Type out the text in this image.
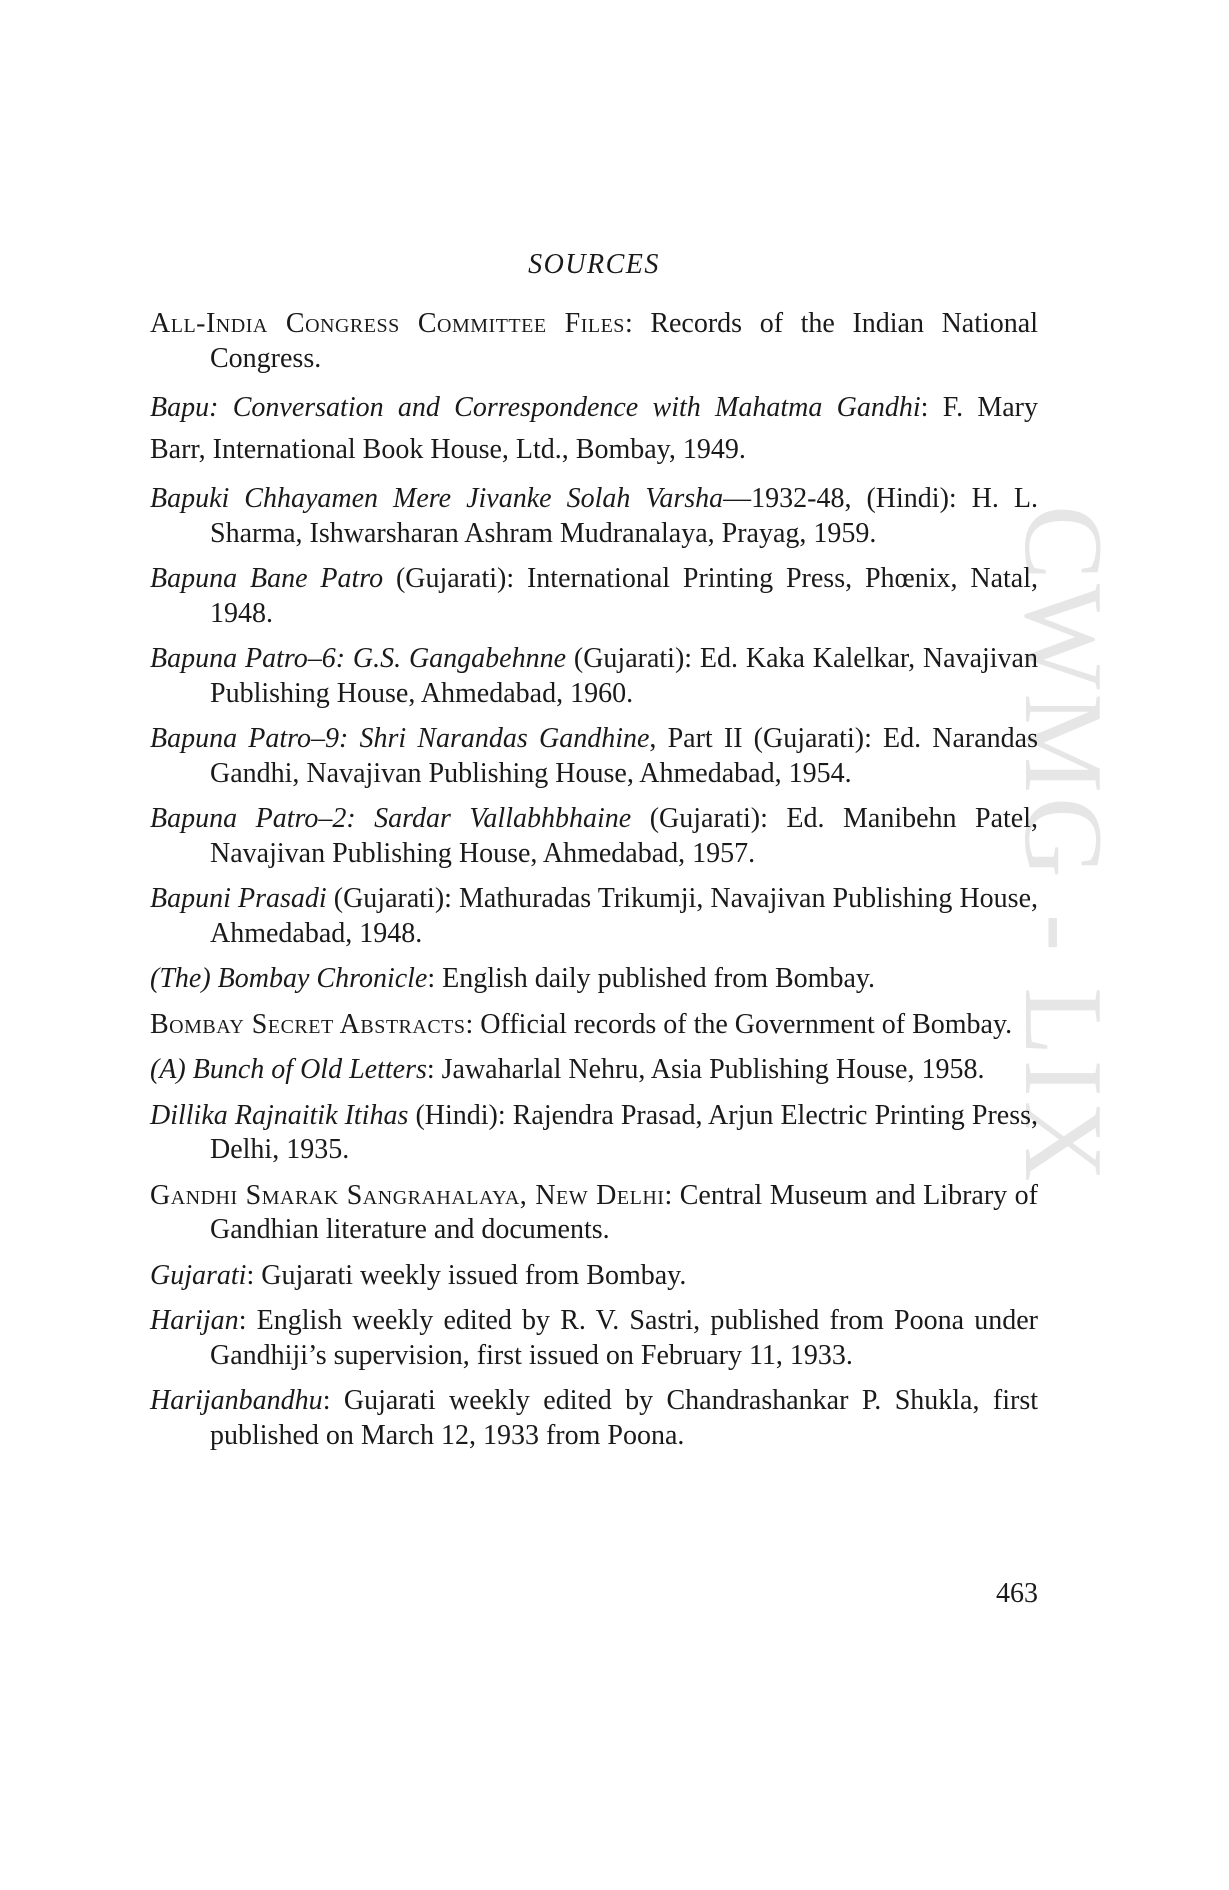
CWMG - LIX
SOURCES

All-India Congress Committee Files: Records of the Indian National Congress.

Bapu: Conversation and Correspondence with Mahatma Gandhi: F. Mary Barr, International Book House, Ltd., Bombay, 1949.

Bapuki Chhayamen Mere Jivanke Solah Varsha—1932-48, (Hindi): H. L. Sharma, Ishwarsharan Ashram Mudranalaya, Prayag, 1959.

Bapuna Bane Patro (Gujarati): International Printing Press, Phœnix, Natal, 1948.

Bapuna Patro–6: G.S. Gangabehnne (Gujarati): Ed. Kaka Kalelkar, Navajivan Publishing House, Ahmedabad, 1960.

Bapuna Patro–9: Shri Narandas Gandhine, Part II (Gujarati): Ed. Narandas Gandhi, Navajivan Publishing House, Ahmedabad, 1954.

Bapuna Patro–2: Sardar Vallabhbhaine (Gujarati): Ed. Manibehn Patel, Navajivan Publishing House, Ahmedabad, 1957.

Bapuni Prasadi (Gujarati): Mathuradas Trikumji, Navajivan Publishing House, Ahmedabad, 1948.

(The) Bombay Chronicle: English daily published from Bombay.

Bombay Secret Abstracts: Official records of the Government of Bombay.

(A) Bunch of Old Letters: Jawaharlal Nehru, Asia Publishing House, 1958.

Dillika Rajnaitik Itihas (Hindi): Rajendra Prasad, Arjun Electric Printing Press, Delhi, 1935.

Gandhi Smarak Sangrahalaya, New Delhi: Central Museum and Library of Gandhian literature and documents.

Gujarati: Gujarati weekly issued from Bombay.

Harijan: English weekly edited by R. V. Sastri, published from Poona under Gandhiji’s supervision, first issued on February 11, 1933.

Harijanbandhu: Gujarati weekly edited by Chandrashankar P. Shukla, first published on March 12, 1933 from Poona.

463
